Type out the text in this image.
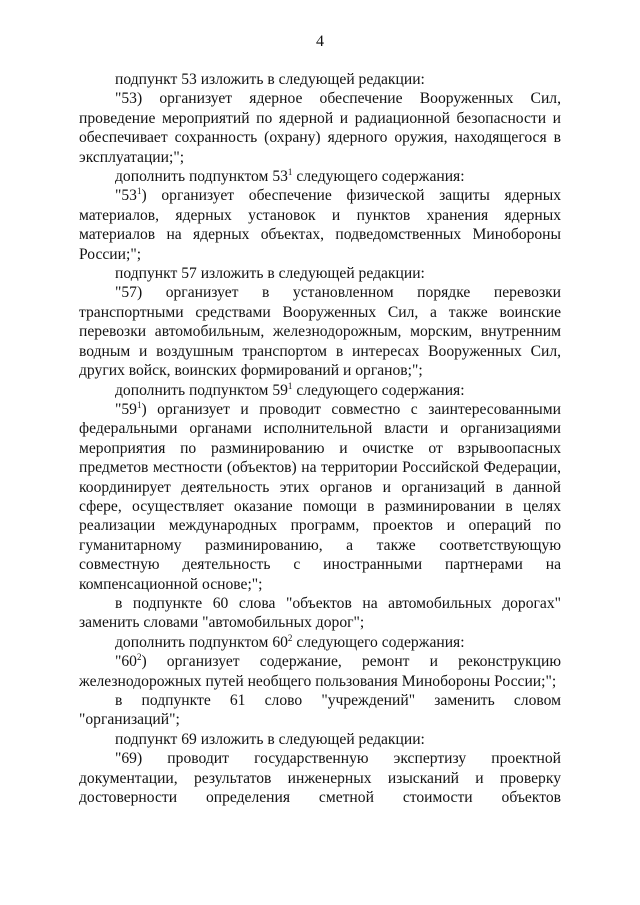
4

подпункт 53 изложить в следующей редакции:

"53) организует ядерное обеспечение Вооруженных Сил, проведение мероприятий по ядерной и радиационной безопасности и обеспечивает сохранность (охрану) ядерного оружия, находящегося в эксплуатации;";

дополнить подпунктом $53^1$ следующего содержания:

"$53^1$) организует обеспечение физической защиты ядерных материалов, ядерных установок и пунктов хранения ядерных материалов на ядерных объектах, подведомственных Минобороны России;";

подпункт 57 изложить в следующей редакции:

"57) организует в установленном порядке перевозки транспортными средствами Вооруженных Сил, а также воинские перевозки автомобильным, железнодорожным, морским, внутренним водным и воздушным транспортом в интересах Вооруженных Сил, других войск, воинских формирований и органов;";

дополнить подпунктом $59^1$ следующего содержания:

"$59^1$) организует и проводит совместно с заинтересованными федеральными органами исполнительной власти и организациями мероприятия по разминированию и очистке от взрывоопасных предметов местности (объектов) на территории Российской Федерации, координирует деятельность этих органов и организаций в данной сфере, осуществляет оказание помощи в разминировании в целях реализации международных программ, проектов и операций по гуманитарному разминированию, а также соответствующую совместную деятельность с иностранными партнерами на компенсационной основе;";

в подпункте 60 слова "объектов на автомобильных дорогах" заменить словами "автомобильных дорог";

дополнить подпунктом $60^2$ следующего содержания:

"$60^2$) организует содержание, ремонт и реконструкцию железнодорожных путей необщего пользования Минобороны России;";

в подпункте 61 слово "учреждений" заменить словом "организаций";

подпункт 69 изложить в следующей редакции:

"69) проводит государственную экспертизу проектной документации, результатов инженерных изысканий и проверку достоверности определения сметной стоимости объектов
